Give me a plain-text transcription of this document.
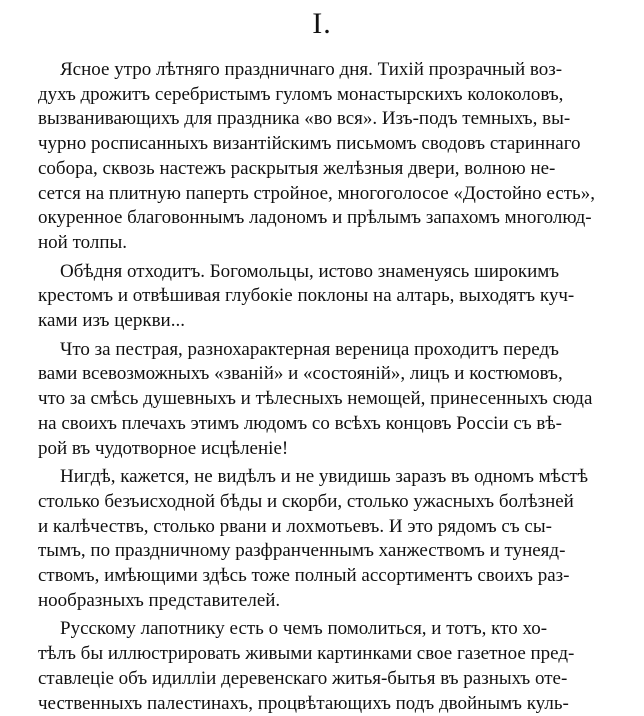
I.
Ясное утро лѣтняго праздничнаго дня. Тихій прозрачный воз-
духъ дрожитъ серебристымъ гуломъ монастырскихъ колоколовъ,
вызванивающихъ для праздника «во вся». Изъ-подъ темныхъ, вы-
чурно росписанныхъ византійскимъ письмомъ сводовъ стариннаго
собора, сквозь настежъ раскрытыя желѣзныя двери, волною не-
сется на плитную паперть стройное, многоголосое «Достойно есть»,
окуренное благовоннымъ ладономъ и прѣлымъ запахомъ многолюд-
ной толпы.
Обѣдня отходитъ. Богомольцы, истово знаменуясь широкимъ
крестомъ и отвѣшивая глубокіе поклоны на алтарь, выходятъ куч-
ками изъ церкви...
Что за пестрая, разнохарактерная вереница проходитъ передъ
вами всевозможныхъ «званій» и «состояній», лицъ и костюмовъ,
что за смѣсь душевныхъ и тѣлесныхъ немощей, принесенныхъ сюда
на своихъ плечахъ этимъ людомъ со всѣхъ концовъ Россіи съ вѣ-
рой въ чудотворное исцѣленіе!
Нигдѣ, кажется, не видѣлъ и не увидишь заразъ въ одномъ мѣстѣ
столько безъисходной бѣды и скорби, столько ужасныхъ болѣзней
и калѣчествъ, столько рвани и лохмотьевъ. И это рядомъ съ сы-
тымъ, по праздничному разфранченнымъ ханжествомъ и тунеяд-
ствомъ, имѣющими здѣсь тоже полный ассортиментъ своихъ раз-
нообразныхъ представителей.
Русскому лапотнику есть о чемъ помолиться, и тотъ, кто хо-
тѣлъ бы иллюстрировать живыми картинками свое газетное пред-
ставлеціе объ идилліи деревенскаго житья-бытья въ разныхъ оте-
чественныхъ палестинахъ, процвѣтающихъ подъ двойнымъ куль-
